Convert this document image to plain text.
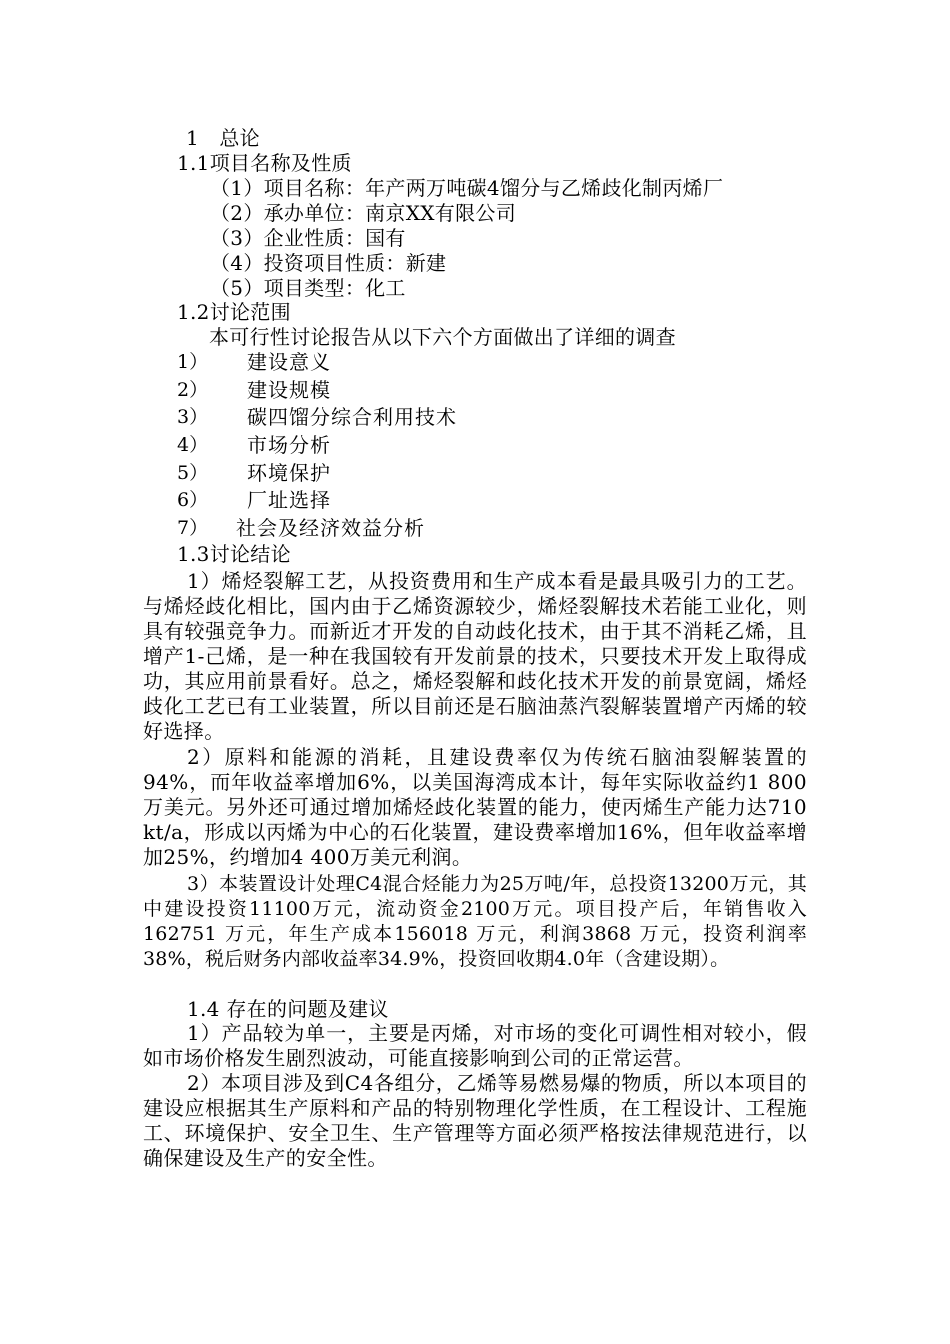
1　总论
1.1项目名称及性质
（1）项目名称：年产两万吨碳4馏分与乙烯歧化制丙烯厂
（2）承办单位：南京XX有限公司
（3）企业性质：国有
（4）投资项目性质：新建
（5）项目类型：化工
1.2讨论范围
本可行性讨论报告从以下六个方面做出了详细的调查
1） 建设意义
2） 建设规模
3） 碳四馏分综合利用技术
4） 市场分析
5） 环境保护
6） 厂址选择
7） 社会及经济效益分析
1.3讨论结论

1）烯烃裂解工艺，从投资费用和生产成本看是最具吸引力的工艺。与烯烃歧化相比，国内由于乙烯资源较少，烯烃裂解技术若能工业化，则具有较强竞争力。而新近才开发的自动歧化技术，由于其不消耗乙烯，且增产1-己烯，是一种在我国较有开发前景的技术，只要技术开发上取得成功，其应用前景看好。总之，烯烃裂解和歧化技术开发的前景宽阔，烯烃歧化工艺已有工业装置，所以目前还是石脑油蒸汽裂解装置增产丙烯的较好选择。

2）原料和能源的消耗，且建设费率仅为传统石脑油裂解装置的94%，而年收益率增加6%，以美国海湾成本计，每年实际收益约1 800万美元。另外还可通过增加烯烃歧化装置的能力，使丙烯生产能力达710 kt/a，形成以丙烯为中心的石化装置，建设费率增加16%，但年收益率增加25%，约增加4 400万美元利润。

3）本装置设计处理C4混合烃能力为25万吨/年，总投资13200万元，其中建设投资11100万元，流动资金2100万元。项目投产后，年销售收入162751 万元，年生产成本156018 万元，利润3868 万元，投资利润率38%，税后财务内部收益率34.9%，投资回收期4.0年（含建设期）。

1.4 存在的问题及建议

1）产品较为单一，主要是丙烯，对市场的变化可调性相对较小，假如市场价格发生剧烈波动，可能直接影响到公司的正常运营。

2）本项目涉及到C4各组分，乙烯等易燃易爆的物质，所以本项目的建设应根据其生产原料和产品的特别物理化学性质，在工程设计、工程施工、环境保护、安全卫生、生产管理等方面必须严格按法律规范进行，以确保建设及生产的安全性。
